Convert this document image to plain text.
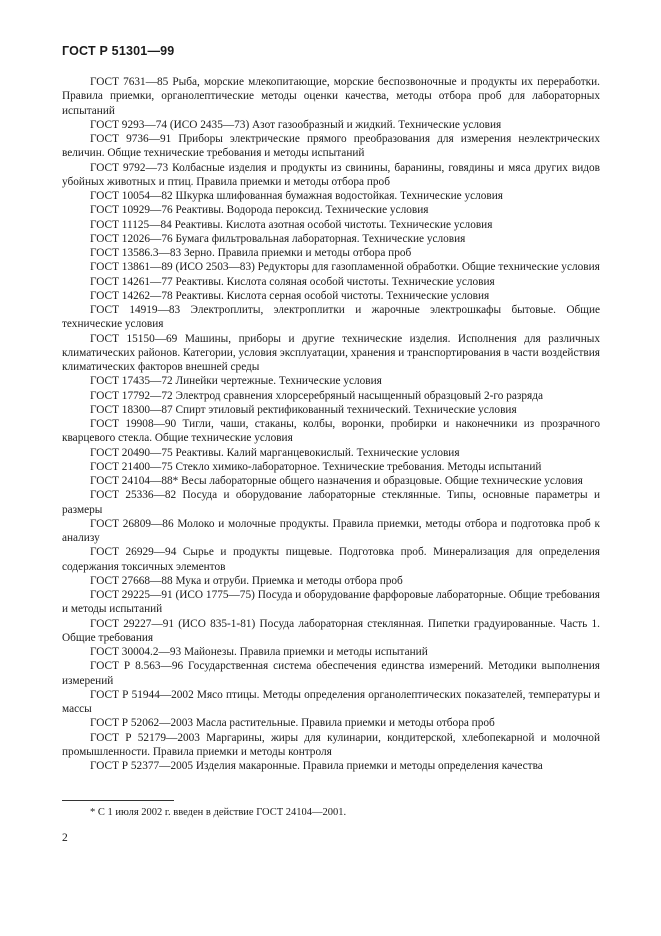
ГОСТ Р 51301—99

ГОСТ 7631—85 Рыба, морские млекопитающие, морские беспозвоночные и продукты их переработки. Правила приемки, органолептические методы оценки качества, методы отбора проб для лабораторных испытаний

ГОСТ 9293—74 (ИСО 2435—73) Азот газообразный и жидкий. Технические условия

ГОСТ 9736—91 Приборы электрические прямого преобразования для измерения неэлектрических величин. Общие технические требования и методы испытаний

ГОСТ 9792—73 Колбасные изделия и продукты из свинины, баранины, говядины и мяса других видов убойных животных и птиц. Правила приемки и методы отбора проб

ГОСТ 10054—82 Шкурка шлифованная бумажная водостойкая. Технические условия

ГОСТ 10929—76 Реактивы. Водорода пероксид. Технические условия

ГОСТ 11125—84 Реактивы. Кислота азотная особой чистоты. Технические условия

ГОСТ 12026—76 Бумага фильтровальная лабораторная. Технические условия

ГОСТ 13586.3—83 Зерно. Правила приемки и методы отбора проб

ГОСТ 13861—89 (ИСО 2503—83) Редукторы для газопламенной обработки. Общие технические условия

ГОСТ 14261—77 Реактивы. Кислота соляная особой чистоты. Технические условия

ГОСТ 14262—78 Реактивы. Кислота серная особой чистоты. Технические условия

ГОСТ 14919—83 Электроплиты, электроплитки и жарочные электрошкафы бытовые. Общие технические условия

ГОСТ 15150—69 Машины, приборы и другие технические изделия. Исполнения для различных климатических районов. Категории, условия эксплуатации, хранения и транспортирования в части воздействия климатических факторов внешней среды

ГОСТ 17435—72 Линейки чертежные. Технические условия

ГОСТ 17792—72 Электрод сравнения хлорсеребряный насыщенный образцовый 2-го разряда

ГОСТ 18300—87 Спирт этиловый ректификованный технический. Технические условия

ГОСТ 19908—90 Тигли, чаши, стаканы, колбы, воронки, пробирки и наконечники из прозрачного кварцевого стекла. Общие технические условия

ГОСТ 20490—75 Реактивы. Калий марганцевокислый. Технические условия

ГОСТ 21400—75 Стекло химико-лабораторное. Технические требования. Методы испытаний

ГОСТ 24104—88* Весы лабораторные общего назначения и образцовые. Общие технические условия

ГОСТ 25336—82 Посуда и оборудование лабораторные стеклянные. Типы, основные параметры и размеры

ГОСТ 26809—86 Молоко и молочные продукты. Правила приемки, методы отбора и подготовка проб к анализу

ГОСТ 26929—94 Сырье и продукты пищевые. Подготовка проб. Минерализация для определения содержания токсичных элементов

ГОСТ 27668—88 Мука и отруби. Приемка и методы отбора проб

ГОСТ 29225—91 (ИСО 1775—75) Посуда и оборудование фарфоровые лабораторные. Общие требования и методы испытаний

ГОСТ 29227—91 (ИСО 835-1-81) Посуда лабораторная стеклянная. Пипетки градуированные. Часть 1. Общие требования

ГОСТ 30004.2—93 Майонезы. Правила приемки и методы испытаний

ГОСТ Р 8.563—96 Государственная система обеспечения единства измерений. Методики выполнения измерений

ГОСТ Р 51944—2002 Мясо птицы. Методы определения органолептических показателей, температуры и массы

ГОСТ Р 52062—2003 Масла растительные. Правила приемки и методы отбора проб

ГОСТ Р 52179—2003 Маргарины, жиры для кулинарии, кондитерской, хлебопекарной и молочной промышленности. Правила приемки и методы контроля

ГОСТ Р 52377—2005 Изделия макаронные. Правила приемки и методы определения качества

* С 1 июля 2002 г. введен в действие ГОСТ 24104—2001.
2
